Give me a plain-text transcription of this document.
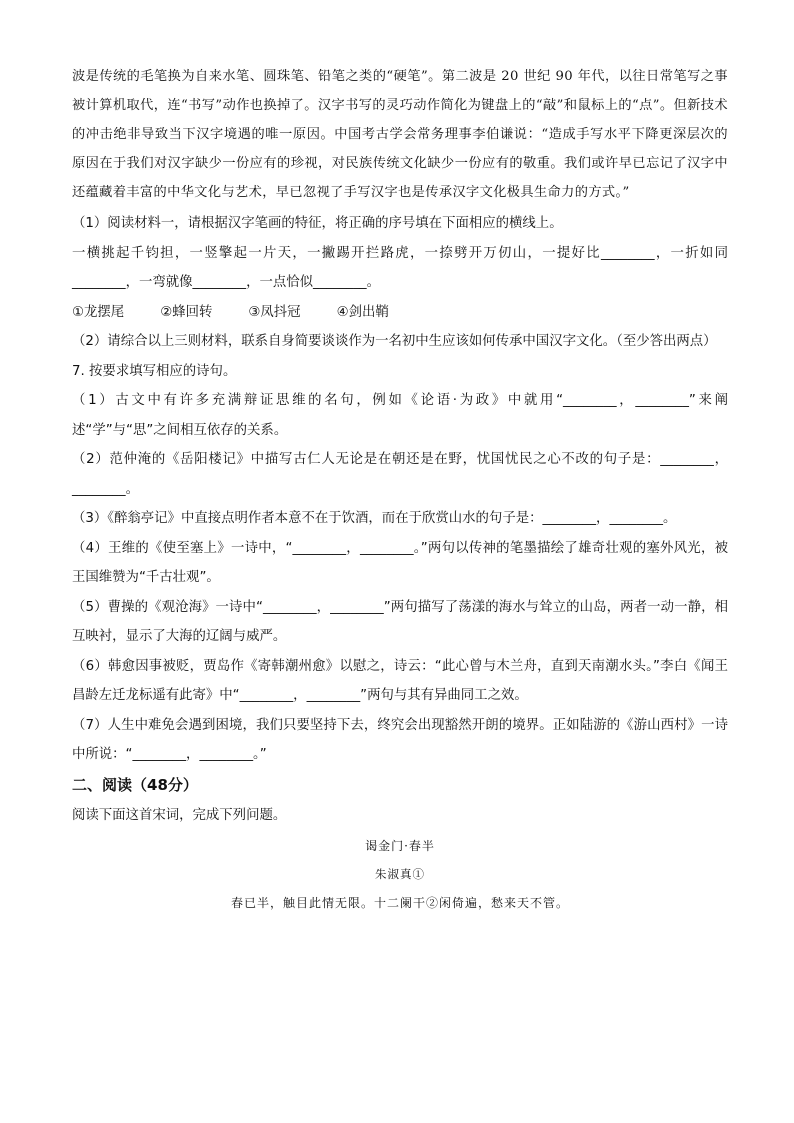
波是传统的毛笔换为自来水笔、圆珠笔、铅笔之类的“硬笔”。第二波是 20 世纪 90 年代，以往日常笔写之事被计算机取代，连“书写”动作也换掉了。汉字书写的灵巧动作简化为键盘上的“敲”和鼠标上的“点”。但新技术的冲击绝非导致当下汉字境遇的唯一原因。中国考古学会常务理事李伯谦说：“造成手写水平下降更深层次的原因在于我们对汉字缺少一份应有的珍视，对民族传统文化缺少一份应有的敬重。我们或许早已忘记了汉字中还蕴藏着丰富的中华文化与艺术，早已忽视了手写汉字也是传承汉字文化极具生命力的方式。”

（1）阅读材料一，请根据汉字笔画的特征，将正确的序号填在下面相应的横线上。

一横挑起千钧担，一竖擎起一片天，一撇踢开拦路虎，一捺劈开万仞山，一提好比________，一折如同________，一弯就像________，一点恰似________。

①龙摆尾	②蜂回转	③凤抖冠	④剑出鞘

（2）请综合以上三则材料，联系自身简要谈谈作为一名初中生应该如何传承中国汉字文化。（至少答出两点）

7. 按要求填写相应的诗句。

（1）古文中有许多充满辩证思维的名句，例如《论语·为政》中就用“________，________”来阐述“学”与“思”之间相互依存的关系。

（2）范仲淹的《岳阳楼记》中描写古仁人无论是在朝还是在野，忧国忧民之心不改的句子是：________，________。

（3）《醉翁亭记》中直接点明作者本意不在于饮酒，而在于欣赏山水的句子是：________，________。

（4）王维的《使至塞上》一诗中，“________，________。”两句以传神的笔墨描绘了雄奇壮观的塞外风光，被王国维赞为“千古壮观”。

（5）曹操的《观沧海》一诗中“________，________”两句描写了荡漾的海水与耸立的山岛，两者一动一静，相互映衬，显示了大海的辽阔与威严。

（6）韩愈因事被贬，贾岛作《寄韩潮州愈》以慰之，诗云：“此心曾与木兰舟，直到天南潮水头。”李白《闻王昌龄左迁龙标遥有此寄》中“________，________”两句与其有异曲同工之效。

（7）人生中难免会遇到困境，我们只要坚持下去，终究会出现豁然开朗的境界。正如陆游的《游山西村》一诗中所说：“________，________。”

二、阅读（48分）

阅读下面这首宋词，完成下列问题。

谒金门·春半

朱淑真①

春已半，触目此情无限。十二阑干②闲倚遍，愁来天不管。
